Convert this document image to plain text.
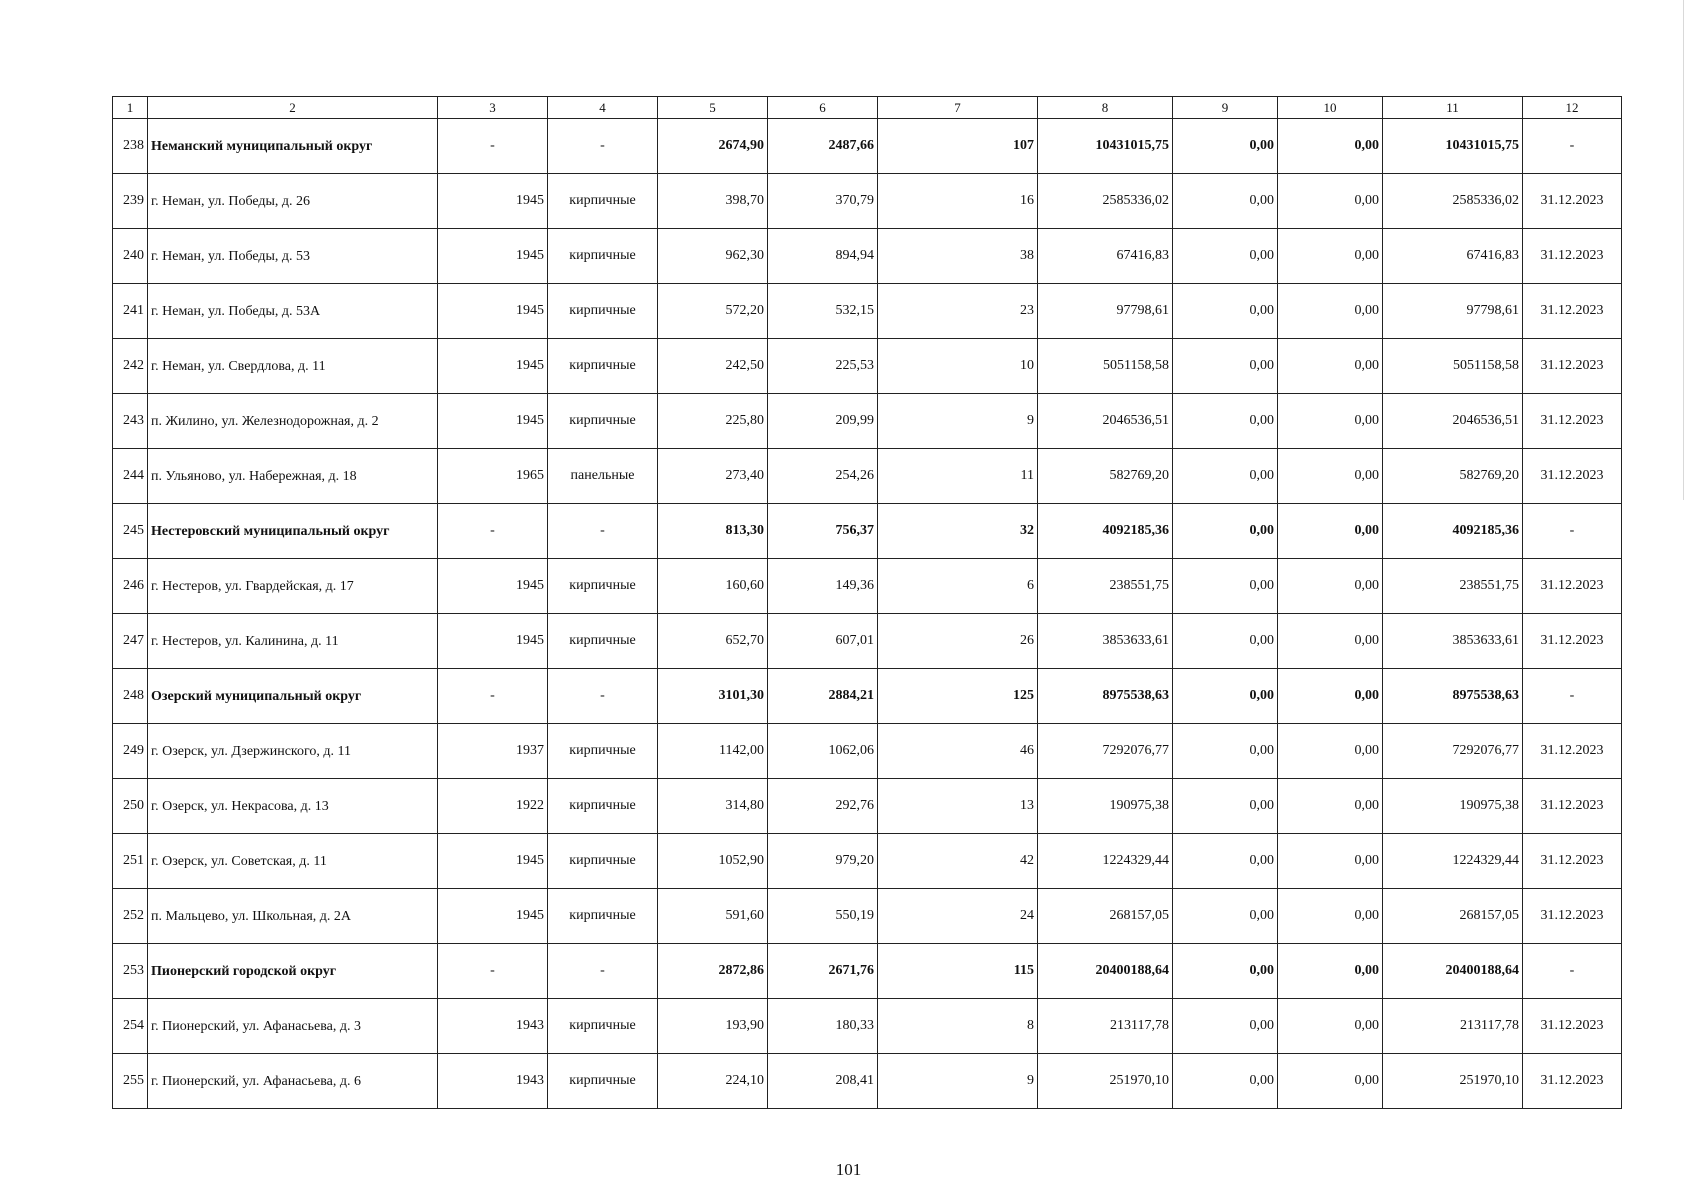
1	2	3	4	5	6	7	8	9	10	11	12
238	Неманский муниципальный округ	-	-	2674,90	2487,66	107	10431015,75	0,00	0,00	10431015,75	-
239	г. Неман, ул. Победы, д. 26	1945	кирпичные	398,70	370,79	16	2585336,02	0,00	0,00	2585336,02	31.12.2023
240	г. Неман, ул. Победы, д. 53	1945	кирпичные	962,30	894,94	38	67416,83	0,00	0,00	67416,83	31.12.2023
241	г. Неман, ул. Победы, д. 53А	1945	кирпичные	572,20	532,15	23	97798,61	0,00	0,00	97798,61	31.12.2023
242	г. Неман, ул. Свердлова, д. 11	1945	кирпичные	242,50	225,53	10	5051158,58	0,00	0,00	5051158,58	31.12.2023
243	п. Жилино, ул. Железнодорожная, д. 2	1945	кирпичные	225,80	209,99	9	2046536,51	0,00	0,00	2046536,51	31.12.2023
244	п. Ульяново, ул. Набережная, д. 18	1965	панельные	273,40	254,26	11	582769,20	0,00	0,00	582769,20	31.12.2023
245	Нестеровский муниципальный округ	-	-	813,30	756,37	32	4092185,36	0,00	0,00	4092185,36	-
246	г. Нестеров, ул. Гвардейская, д. 17	1945	кирпичные	160,60	149,36	6	238551,75	0,00	0,00	238551,75	31.12.2023
247	г. Нестеров, ул. Калинина, д. 11	1945	кирпичные	652,70	607,01	26	3853633,61	0,00	0,00	3853633,61	31.12.2023
248	Озерский муниципальный округ	-	-	3101,30	2884,21	125	8975538,63	0,00	0,00	8975538,63	-
249	г. Озерск, ул. Дзержинского, д. 11	1937	кирпичные	1142,00	1062,06	46	7292076,77	0,00	0,00	7292076,77	31.12.2023
250	г. Озерск, ул. Некрасова, д. 13	1922	кирпичные	314,80	292,76	13	190975,38	0,00	0,00	190975,38	31.12.2023
251	г. Озерск, ул. Советская, д. 11	1945	кирпичные	1052,90	979,20	42	1224329,44	0,00	0,00	1224329,44	31.12.2023
252	п. Мальцево, ул. Школьная, д. 2А	1945	кирпичные	591,60	550,19	24	268157,05	0,00	0,00	268157,05	31.12.2023
253	Пионерский городской округ	-	-	2872,86	2671,76	115	20400188,64	0,00	0,00	20400188,64	-
254	г. Пионерский, ул. Афанасьева, д. 3	1943	кирпичные	193,90	180,33	8	213117,78	0,00	0,00	213117,78	31.12.2023
255	г. Пионерский, ул. Афанасьева, д. 6	1943	кирпичные	224,10	208,41	9	251970,10	0,00	0,00	251970,10	31.12.2023
101
